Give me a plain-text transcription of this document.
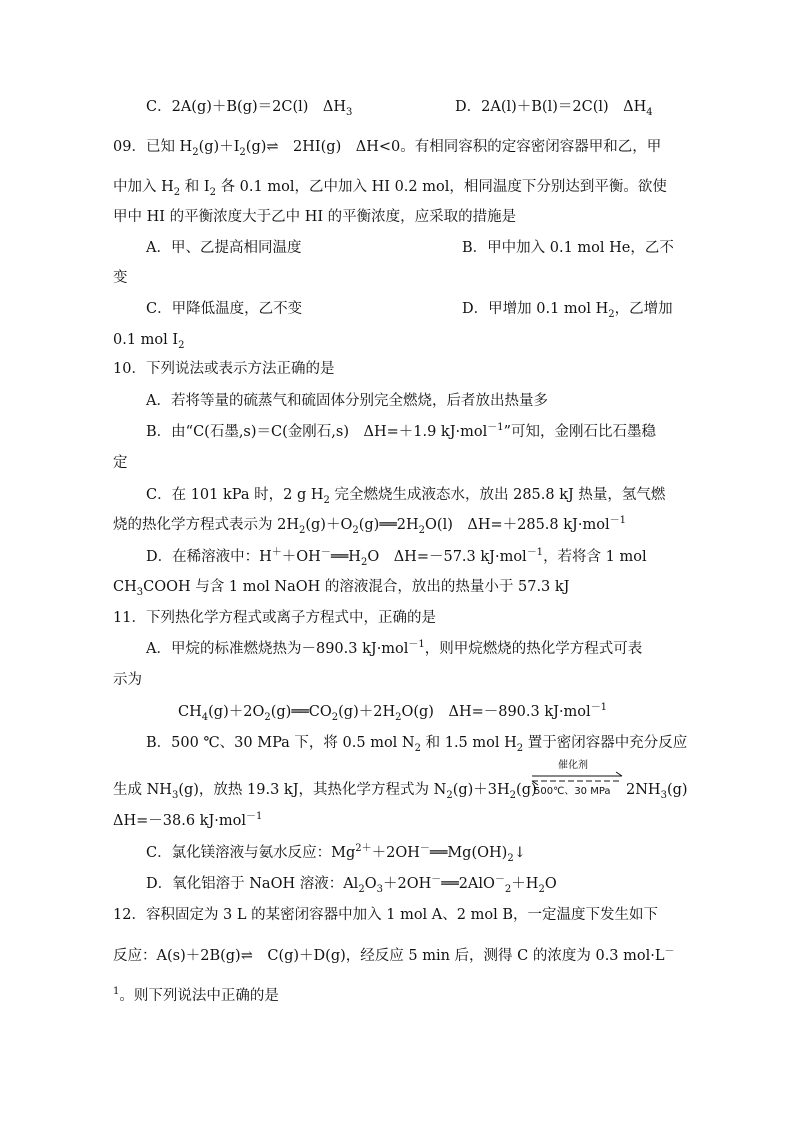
C．2A(g)＋B(g)＝2C(l)　$\Delta H_3$	D．2A(l)＋B(l)＝2C(l)　$\Delta H_4$
09．已知 $H_2(g)+I_2(g)\rightleftharpoons$　2HI(g)　ΔH<0。有相同容积的定容密闭容器甲和乙，甲
中加入 $H_2$ 和 $I_2$ 各 0.1 mol，乙中加入 HI 0.2 mol，相同温度下分别达到平衡。欲使
甲中 HI 的平衡浓度大于乙中 HI 的平衡浓度，应采取的措施是
A．甲、乙提高相同温度	B．甲中加入 0.1 mol He，乙不
变
C．甲降低温度，乙不变	D．甲增加 0.1 mol $H_2$，乙增加
0.1 mol $I_2$
10．下列说法或表示方法正确的是
A．若将等量的硫蒸气和硫固体分别完全燃烧，后者放出热量多
B．由“C(石墨,s)＝C(金刚石,s)　ΔH=＋1.9 kJ·mol$^{-1}$”可知，金刚石比石墨稳
定
C．在 101 kPa 时，2 g $H_2$ 完全燃烧生成液态水，放出 285.8 kJ 热量，氢气燃
烧的热化学方程式表示为 $2H_2(g)+O_2(g)══2H_2O(l)$　ΔH=＋285.8 kJ·mol$^{-1}$
D．在稀溶液中：$H^++OH^-══H_2O$　ΔH=－57.3 kJ·mol$^{-1}$，若将含 1 mol
$CH_3COOH$ 与含 1 mol NaOH 的溶液混合，放出的热量小于 57.3 kJ
11．下列热化学方程式或离子方程式中，正确的是
A．甲烷的标准燃烧热为－890.3 kJ·mol$^{-1}$，则甲烷燃烧的热化学方程式可表
示为
$CH_4(g)+2O_2(g)══CO_2(g)+2H_2O(g)$　ΔH=－890.3 kJ·mol$^{-1}$
B．500 ℃、30 MPa 下，将 0.5 mol $N_2$ 和 1.5 mol $H_2$ 置于密闭容器中充分反应
生成 $NH_3(g)$，放热 19.3 kJ，其热化学方程式为 $N_2(g)+3H_2(g)$	$2NH_3(g)$
ΔH=－38.6 kJ·mol$^{-1}$
C．氯化镁溶液与氨水反应：$Mg^{2+}+2OH^-══Mg(OH)_2↓$
D．氧化铝溶于 NaOH 溶液：$Al_2O_3+2OH^-══2AlO^-_2+H_2O$
12．容积固定为 3 L 的某密闭容器中加入 1 mol A、2 mol B，一定温度下发生如下
反应：A(s)＋2B(g)⇌　C(g)＋D(g)，经反应 5 min 后，测得 C 的浓度为 0.3 mol·L－
$^1$。则下列说法中正确的是
催化剂
500℃、30 MPa
